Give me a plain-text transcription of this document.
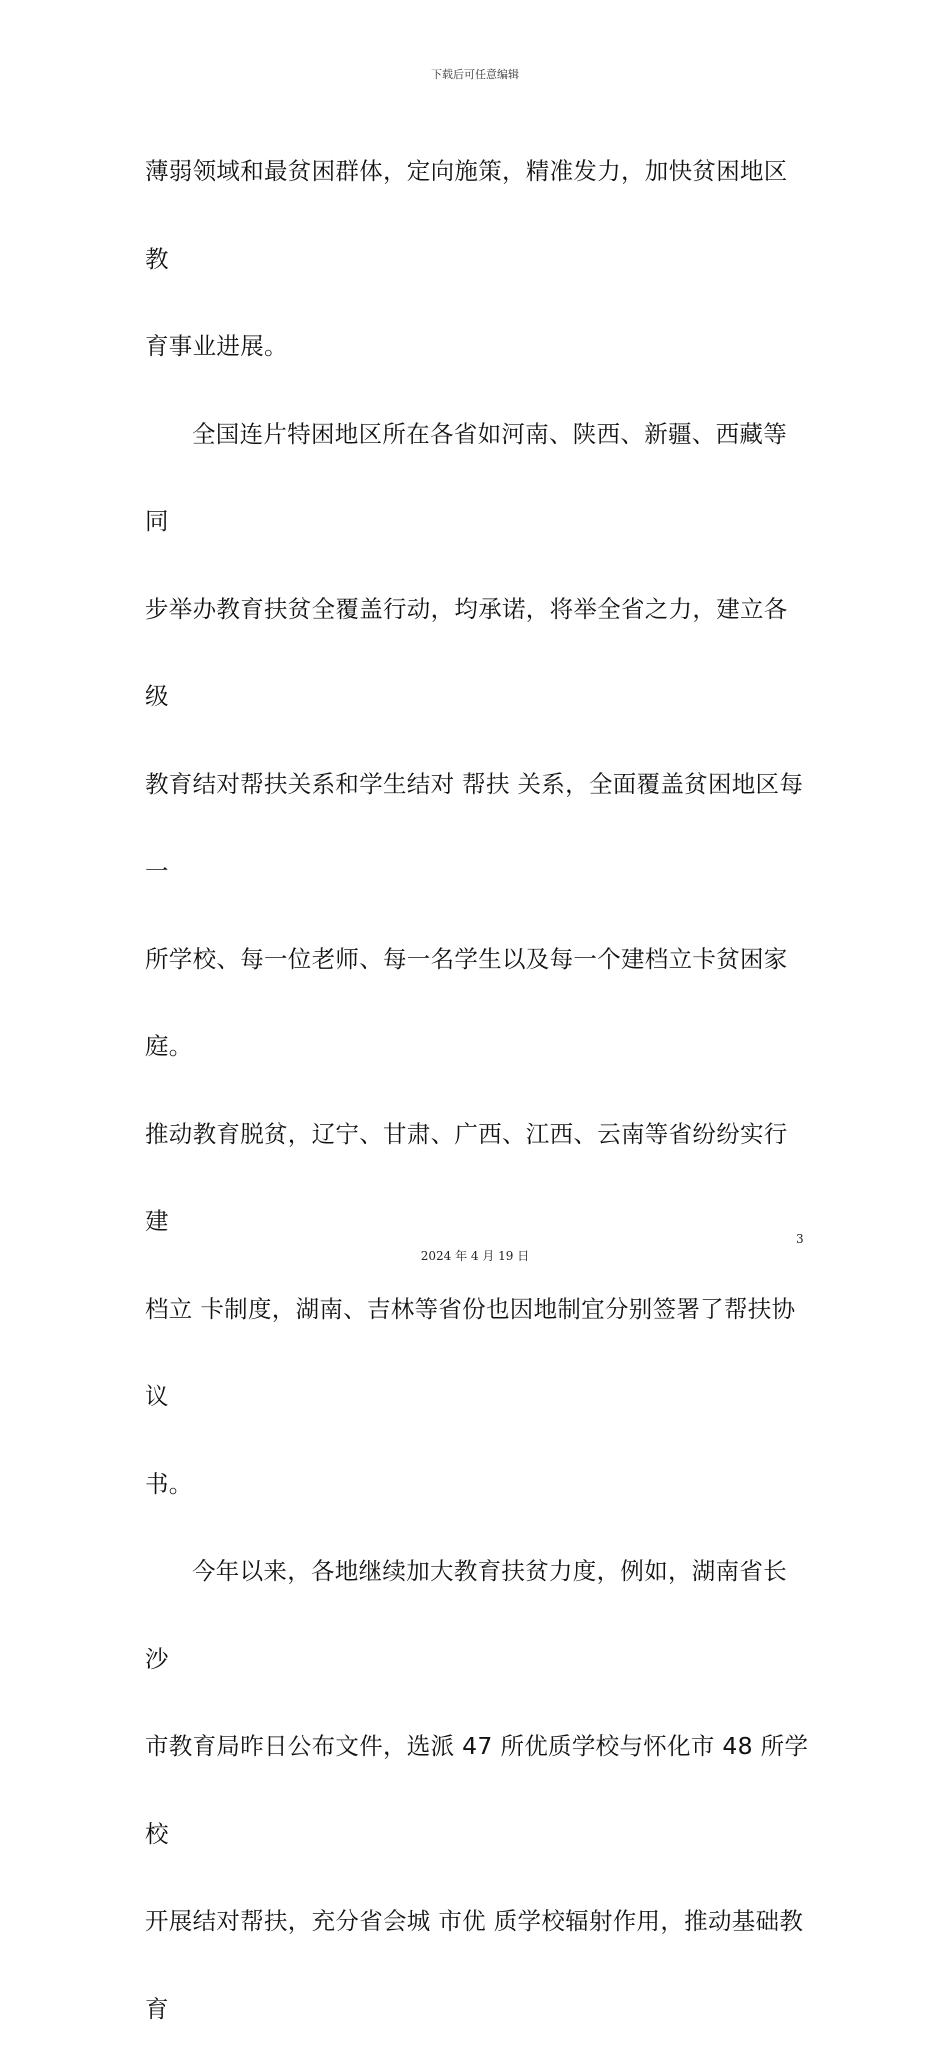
下载后可任意编辑

薄弱领域和最贫困群体，定向施策，精准发力，加快贫困地区教

育事业进展。

全国连片特困地区所在各省如河南、陕西、新疆、西藏等同

步举办教育扶贫全覆盖行动，均承诺，将举全省之力，建立各级

教育结对帮扶关系和学生结对 帮扶 关系，全面覆盖贫困地区每一

所学校、每一位老师、每一名学生以及每一个建档立卡贫困家庭。

推动教育脱贫，辽宁、甘肃、广西、江西、云南等省纷纷实行建

档立 卡制度，湖南、吉林等省份也因地制宜分别签署了帮扶协议

书。

今年以来，各地继续加大教育扶贫力度，例如，湖南省长沙

市教育局昨日公布文件，选派 47 所优质学校与怀化市 48 所学校

开展结对帮扶，充分省会城 市优 质学校辐射作用，推动基础教育

3
2024 年 4 月 19 日
